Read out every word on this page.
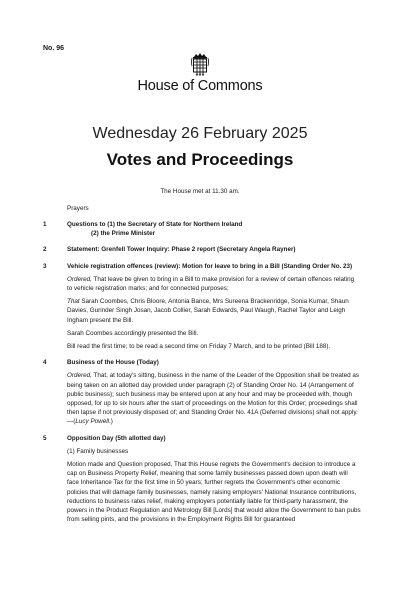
No. 96
House of Commons
Wednesday 26 February 2025
Votes and Proceedings
The House met at 11.30 am.
Prayers
1	Questions to (1) the Secretary of State for Northern Ireland
(2) the Prime Minister
2	Statement: Grenfell Tower Inquiry: Phase 2 report (Secretary Angela Rayner)
3	Vehicle registration offences (review): Motion for leave to bring in a Bill (Standing Order No. 23)

Ordered, That leave be given to bring in a Bill to make provision for a review of certain offences relating to vehicle registration marks; and for connected purposes;

That Sarah Coombes, Chris Bloore, Antonia Bance, Mrs Sureena Brackenridge, Sonia Kumar, Shaun Davies, Gurinder Singh Josan, Jacob Collier, Sarah Edwards, Paul Waugh, Rachel Taylor and Leigh Ingham present the Bill.

Sarah Coombes accordingly presented the Bill.

Bill read the first time; to be read a second time on Friday 7 March, and to be printed (Bill 188).

4	Business of the House (Today)

Ordered, That, at today's sitting, business in the name of the Leader of the Opposition shall be treated as being taken on an allotted day provided under paragraph (2) of Standing Order No. 14 (Arrangement of public business); such business may be entered upon at any hour and may be proceeded with, though opposed, for up to six hours after the start of proceedings on the Motion for this Order; proceedings shall then lapse if not previously disposed of; and Standing Order No. 41A (Deferred divisions) shall not apply.—(Lucy Powell.)

5	Opposition Day (5th allotted day)

(1) Family businesses

Motion made and Question proposed, That this House regrets the Government's decision to introduce a cap on Business Property Relief, meaning that some family businesses passed down upon death will face Inheritance Tax for the first time in 50 years; further regrets the Government's other economic policies that will damage family businesses, namely raising employers' National Insurance contributions, reductions to business rates relief, making employers potentially liable for third-party harassment, the powers in the Product Regulation and Metrology Bill [Lords] that would allow the Government to ban pubs from selling pints, and the provisions in the Employment Rights Bill for guaranteed
